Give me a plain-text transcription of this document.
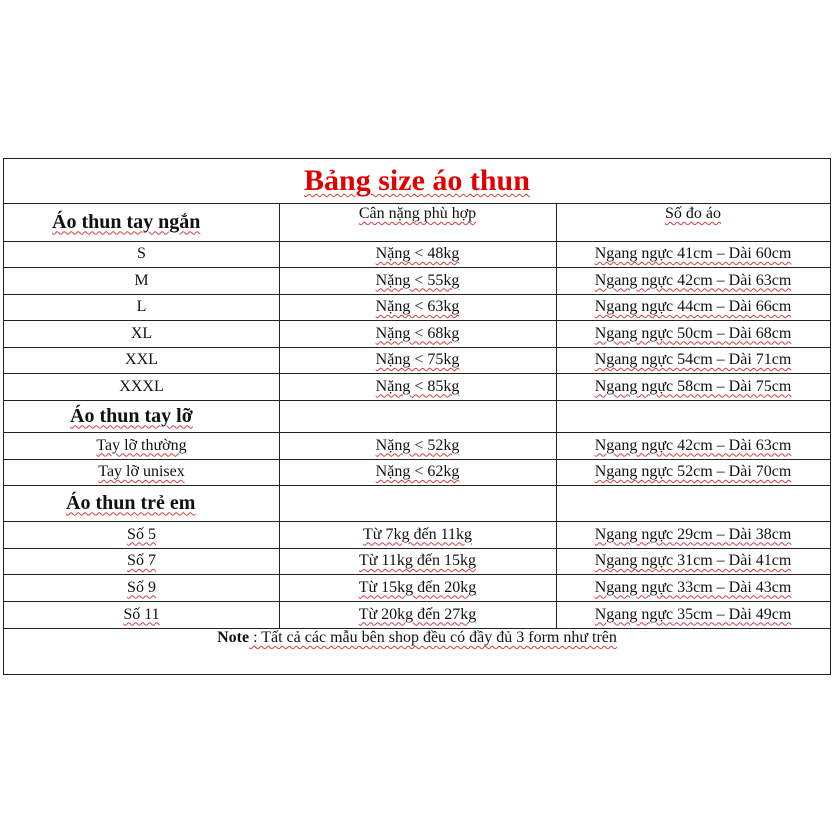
Bảng size áo thun
Áo thun tay ngắn	Cân nặng phù hợp	Số đo áo
S	Nặng < 48kg	Ngang ngực 41cm – Dài 60cm
M	Nặng < 55kg	Ngang ngực 42cm – Dài 63cm
L	Nặng < 63kg	Ngang ngực 44cm – Dài 66cm
XL	Nặng < 68kg	Ngang ngực 50cm – Dài 68cm
XXL	Nặng < 75kg	Ngang ngực 54cm – Dài 71cm
XXXL	Nặng < 85kg	Ngang ngực 58cm – Dài 75cm
Áo thun tay lỡ
Tay lỡ thường	Nặng < 52kg	Ngang ngực 42cm – Dài 63cm
Tay lỡ unisex	Nặng < 62kg	Ngang ngực 52cm – Dài 70cm
Áo thun trẻ em
Số 5	Từ 7kg đến 11kg	Ngang ngực 29cm – Dài 38cm
Số 7	Từ 11kg đến 15kg	Ngang ngực 31cm – Dài 41cm
Số 9	Từ 15kg đến 20kg	Ngang ngực 33cm – Dài 43cm
Số 11	Từ 20kg đến 27kg	Ngang ngực 35cm – Dài 49cm
Note : Tất cả các mẫu bên shop đều có đầy đủ 3 form như trên
